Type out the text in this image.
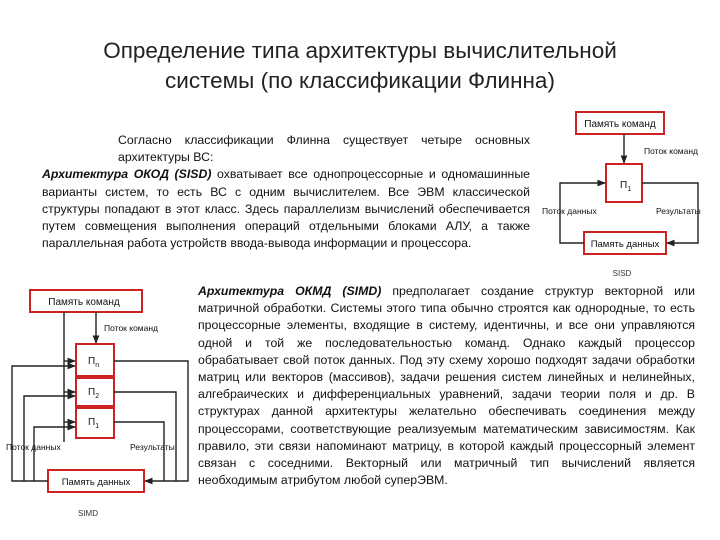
Определение типа архитектуры вычислительной
системы (по классификации Флинна)
Согласно классификации Флинна существует четыре основных архитектуры ВС:
Архитектура ОКОД (SISD) охватывает все однопроцессорные и одномашинные варианты систем, то есть ВС с одним вычислителем. Все ЭВМ классической структуры попадают в этот класс. Здесь параллелизм вычислений обеспечивается путем совмещения выполнения операций отдельными блоками АЛУ, а также параллельная работа устройств ввода-вывода информации и процессора.
Архитектура ОКМД (SIMD) предполагает создание структур векторной или матричной обработки. Системы этого типа обычно строятся как однородные, то есть процессорные элементы, входящие в систему, идентичны, и все они управляются одной и той же последовательностью команд. Однако каждый процессор обрабатывает свой поток данных. Под эту схему хорошо подходят задачи обработки матриц или векторов (массивов), задачи решения систем линейных и нелинейных, алгебраических и дифференциальных уравнений, задачи теории поля и др. В структурах данной архитектуры желательно обеспечивать соединения между процессорами, соответствующие реализуемым математическим зависимостям. Как правило, эти связи напоминают матрицу, в которой каждый процессорный элемент связан с соседними. Векторный или матричный тип вычислений является необходимым атрибутом любой суперЭВМ.
Память команд
Поток команд
$П_1$
Поток данных	Результаты
Память данных
SISD
Память команд
Поток команд
$П_n$
$П_2$
$П_1$
Поток данных	Результаты
Память данных
SIMD
